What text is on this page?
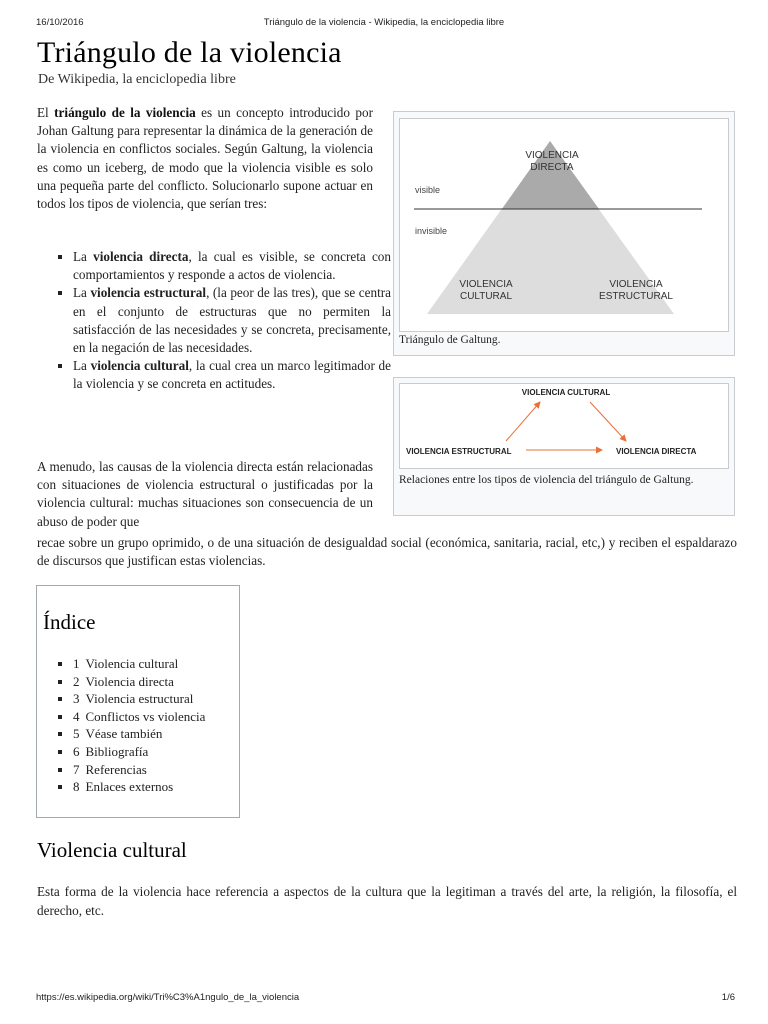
16/10/2016	Triángulo de la violencia - Wikipedia, la enciclopedia libre
Triángulo de la violencia
De Wikipedia, la enciclopedia libre

El triángulo de la violencia es un concepto introducido por Johan Galtung para representar la dinámica de la generación de la violencia en conflictos sociales. Según Galtung, la violencia es como un iceberg, de modo que la violencia visible es solo una pequeña parte del conflicto. Solucionarlo supone actuar en todos los tipos de violencia, que serían tres:

▪ La violencia directa, la cual es visible, se concreta con comportamientos y responde a actos de violencia.
▪ La violencia estructural, (la peor de las tres), que se centra en el conjunto de estructuras que no permiten la satisfacción de las necesidades y se concreta, precisamente, en la negación de las necesidades.
▪ La violencia cultural, la cual crea un marco legitimador de la violencia y se concreta en actitudes.

A menudo, las causas de la violencia directa están relacionadas con situaciones de violencia estructural o justificadas por la violencia cultural: muchas situaciones son consecuencia de un abuso de poder que

recae sobre un grupo oprimido, o de una situación de desigualdad social (económica, sanitaria, racial, etc,) y reciben el espaldarazo de discursos que justifican estas violencias.

VIOLENCIA
DIRECTA
visible
invisible
VIOLENCIA
CULTURAL
VIOLENCIA
ESTRUCTURAL
Triángulo de Galtung.
VIOLENCIA CULTURAL
VIOLENCIA ESTRUCTURAL	VIOLENCIA DIRECTA
Relaciones entre los tipos de violencia del triángulo de Galtung.
Índice
▪ 1 Violencia cultural
▪ 2 Violencia directa
▪ 3 Violencia estructural
▪ 4 Conflictos vs violencia
▪ 5 Véase también
▪ 6 Bibliografía
▪ 7 Referencias
▪ 8 Enlaces externos
Violencia cultural

Esta forma de la violencia hace referencia a aspectos de la cultura que la legitiman a través del arte, la religión, la filosofía, el derecho, etc.

https://es.wikipedia.org/wiki/Tri%C3%A1ngulo_de_la_violencia	1/6
